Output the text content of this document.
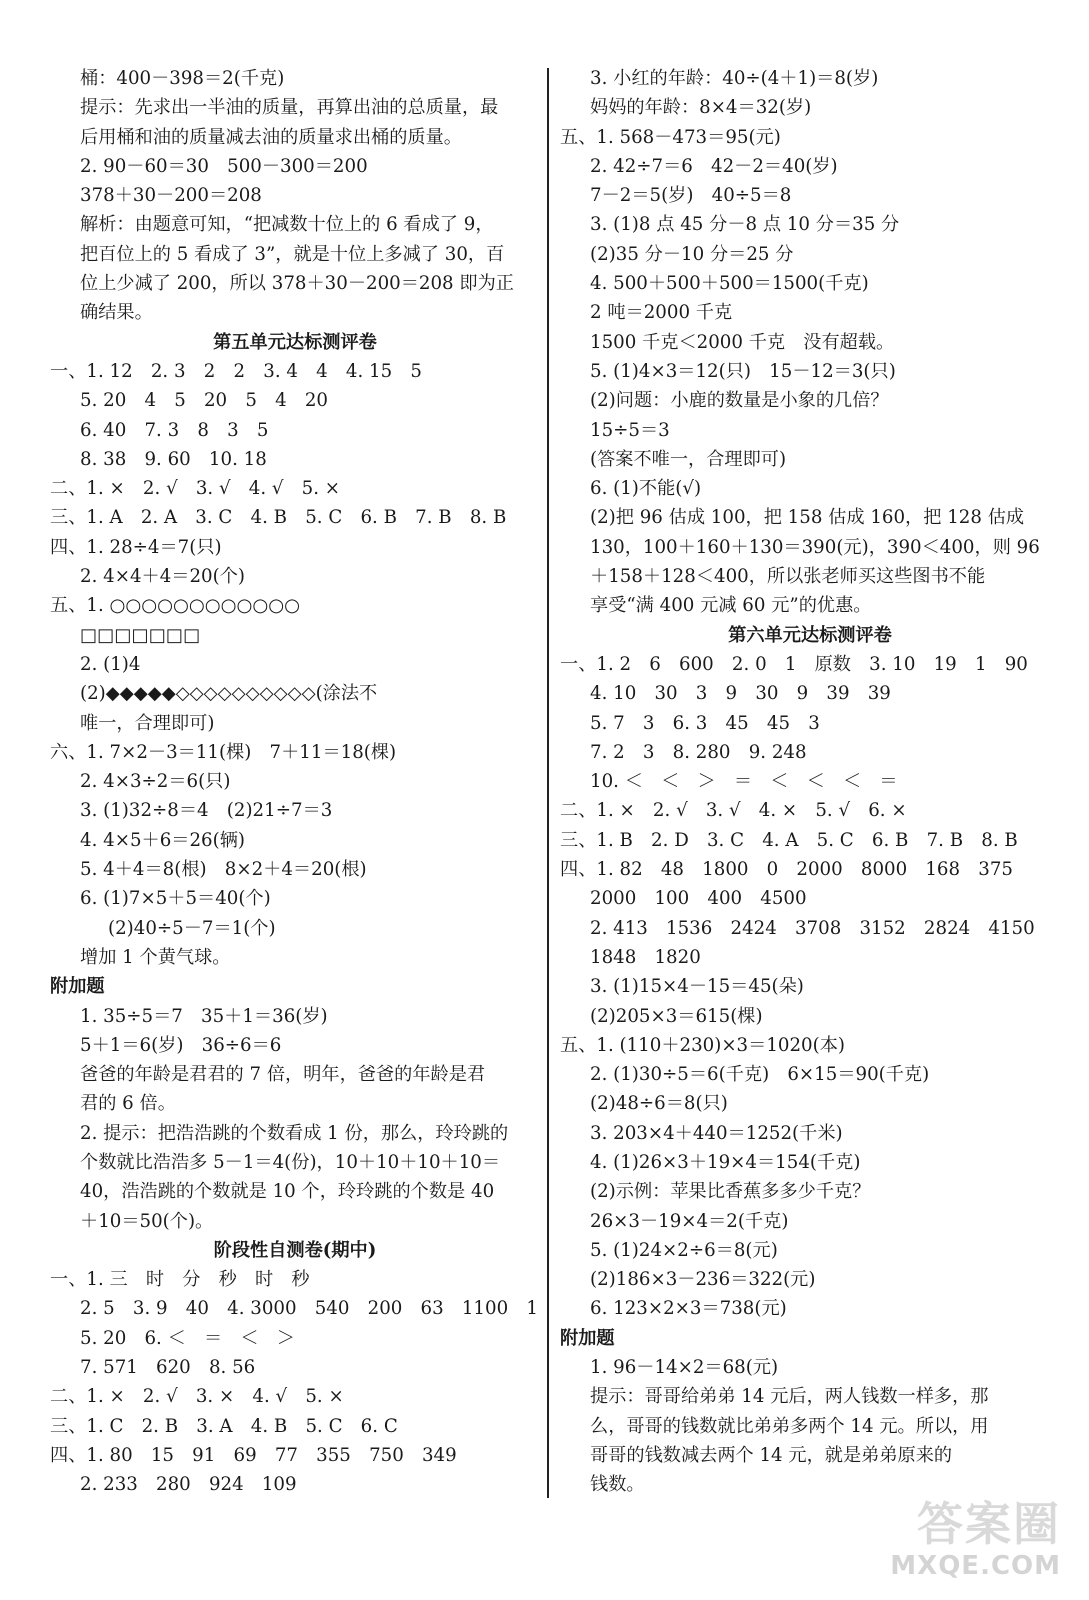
桶：400－398＝2(千克)
提示：先求出一半油的质量，再算出油的总质量，最
后用桶和油的质量减去油的质量求出桶的质量。
2. 90－60＝30　500－300＝200
378＋30－200＝208
解析：由题意可知，“把减数十位上的 6 看成了 9，
把百位上的 5 看成了 3”，就是十位上多减了 30，百
位上少减了 200，所以 378＋30－200＝208 即为正
确结果。
第五单元达标测评卷
一、1. 12　2. 3　2　2　3. 4　4　4. 15　5
5. 20　4　5　20　5　4　20
6. 40　7. 3　8　3　5
8. 38　9. 60　10. 18
二、1. ×　2. √　3. √　4. √　5. ×
三、1. A　2. A　3. C　4. B　5. C　6. B　7. B　8. B
四、1. 28÷4＝7(只)
2. 4×4＋4＝20(个)
五、1. ○○○○○○○○○○○○
□□□□□□□
2. (1)4
(2)◆◆◆◆◆◇◇◇◇◇◇◇◇◇◇(涂法不
唯一，合理即可)
六、1. 7×2－3＝11(棵)　7＋11＝18(棵)
2. 4×3÷2＝6(只)
3. (1)32÷8＝4　(2)21÷7＝3
4. 4×5＋6＝26(辆)
5. 4＋4＝8(根)　8×2＋4＝20(根)
6. (1)7×5＋5＝40(个)
(2)40÷5－7＝1(个)
增加 1 个黄气球。
附加题
1. 35÷5＝7　35＋1＝36(岁)
5＋1＝6(岁)　36÷6＝6
爸爸的年龄是君君的 7 倍，明年，爸爸的年龄是君
君的 6 倍。
2. 提示：把浩浩跳的个数看成 1 份，那么，玲玲跳的
个数就比浩浩多 5－1＝4(份)，10＋10＋10＋10＝
40，浩浩跳的个数就是 10 个，玲玲跳的个数是 40
＋10＝50(个)。
阶段性自测卷(期中)
一、1. 三　时　分　秒　时　秒
2. 5　3. 9　40　4. 3000　540　200　63　1100　1
5. 20　6. ＜　＝　＜　＞
7. 571　620　8. 56
二、1. ×　2. √　3. ×　4. √　5. ×
三、1. C　2. B　3. A　4. B　5. C　6. C
四、1. 80　15　91　69　77　355　750　349
2. 233　280　924　109
3. 小红的年龄：40÷(4＋1)＝8(岁)
妈妈的年龄：8×4＝32(岁)
五、1. 568－473＝95(元)
2. 42÷7＝6　42－2＝40(岁)
7－2＝5(岁)　40÷5＝8
3. (1)8 点 45 分－8 点 10 分＝35 分
(2)35 分－10 分＝25 分
4. 500＋500＋500＝1500(千克)
2 吨＝2000 千克
1500 千克＜2000 千克　没有超载。
5. (1)4×3＝12(只)　15－12＝3(只)
(2)问题：小鹿的数量是小象的几倍？
15÷5＝3
(答案不唯一，合理即可)
6. (1)不能(√)
(2)把 96 估成 100，把 158 估成 160，把 128 估成
130，100＋160＋130＝390(元)，390＜400，则 96
＋158＋128＜400，所以张老师买这些图书不能
享受“满 400 元减 60 元”的优惠。
第六单元达标测评卷
一、1. 2　6　600　2. 0　1　原数　3. 10　19　1　90
4. 10　30　3　9　30　9　39　39
5. 7　3　6. 3　45　45　3
7. 2　3　8. 280　9. 248
10. ＜　＜　＞　＝　＜　＜　＜　＝
二、1. ×　2. √　3. √　4. ×　5. √　6. ×
三、1. B　2. D　3. C　4. A　5. C　6. B　7. B　8. B
四、1. 82　48　1800　0　2000　8000　168　375
2000　100　400　4500
2. 413　1536　2424　3708　3152　2824　4150
1848　1820
3. (1)15×4－15＝45(朵)
(2)205×3＝615(棵)
五、1. (110＋230)×3＝1020(本)
2. (1)30÷5＝6(千克)　6×15＝90(千克)
(2)48÷6＝8(只)
3. 203×4＋440＝1252(千米)
4. (1)26×3＋19×4＝154(千克)
(2)示例：苹果比香蕉多多少千克？
26×3－19×4＝2(千克)
5. (1)24×2÷6＝8(元)
(2)186×3－236＝322(元)
6. 123×2×3＝738(元)
附加题
1. 96－14×2＝68(元)
提示：哥哥给弟弟 14 元后，两人钱数一样多，那
么，哥哥的钱数就比弟弟多两个 14 元。所以，用
哥哥的钱数减去两个 14 元，就是弟弟原来的
钱数。
答案圈
MXQE.COM
